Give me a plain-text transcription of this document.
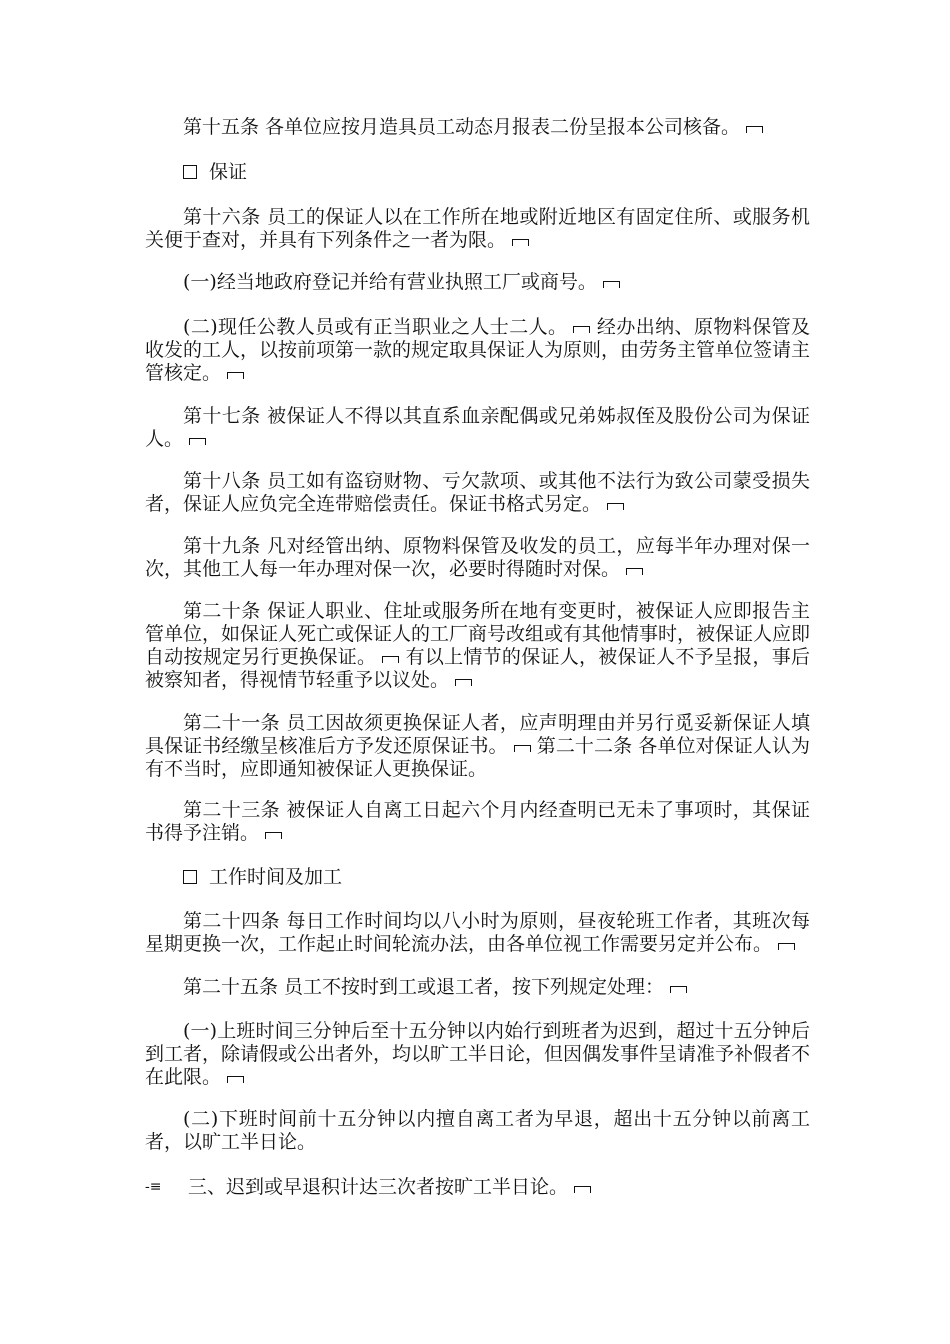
第十五条 各单位应按月造具员工动态月报表二份呈报本公司核备。

保证

第十六条 员工的保证人以在工作所在地或附近地区有固定住所、或服务机关便于查对，并具有下列条件之一者为限。

(一)经当地政府登记并给有营业执照工厂或商号。

(二)现任公教人员或有正当职业之人士二人。 经办出纳、原物料保管及收发的工人，以按前项第一款的规定取具保证人为原则，由劳务主管单位签请主管核定。

第十七条 被保证人不得以其直系血亲配偶或兄弟姊叔侄及股份公司为保证人。

第十八条 员工如有盗窃财物、亏欠款项、或其他不法行为致公司蒙受损失者，保证人应负完全连带赔偿责任。保证书格式另定。

第十九条 凡对经管出纳、原物料保管及收发的员工，应每半年办理对保一次，其他工人每一年办理对保一次，必要时得随时对保。

第二十条 保证人职业、住址或服务所在地有变更时，被保证人应即报告主管单位，如保证人死亡或保证人的工厂商号改组或有其他情事时，被保证人应即自动按规定另行更换保证。 有以上情节的保证人，被保证人不予呈报，事后被察知者，得视情节轻重予以议处。

第二十一条 员工因故须更换保证人者，应声明理由并另行觅妥新保证人填具保证书经缴呈核准后方予发还原保证书。 第二十二条 各单位对保证人认为有不当时，应即通知被保证人更换保证。

第二十三条 被保证人自离工日起六个月内经查明已无未了事项时，其保证书得予注销。

工作时间及加工

第二十四条 每日工作时间均以八小时为原则，昼夜轮班工作者，其班次每星期更换一次，工作起止时间轮流办法，由各单位视工作需要另定并公布。

第二十五条 员工不按时到工或退工者，按下列规定处理：

(一)上班时间三分钟后至十五分钟以内始行到班者为迟到，超过十五分钟后到工者，除请假或公出者外，均以旷工半日论，但因偶发事件呈请准予补假者不在此限。

(二)下班时间前十五分钟以内擅自离工者为早退，超出十五分钟以前离工者，以旷工半日论。

-≡	三、迟到或早退积计达三次者按旷工半日论。
